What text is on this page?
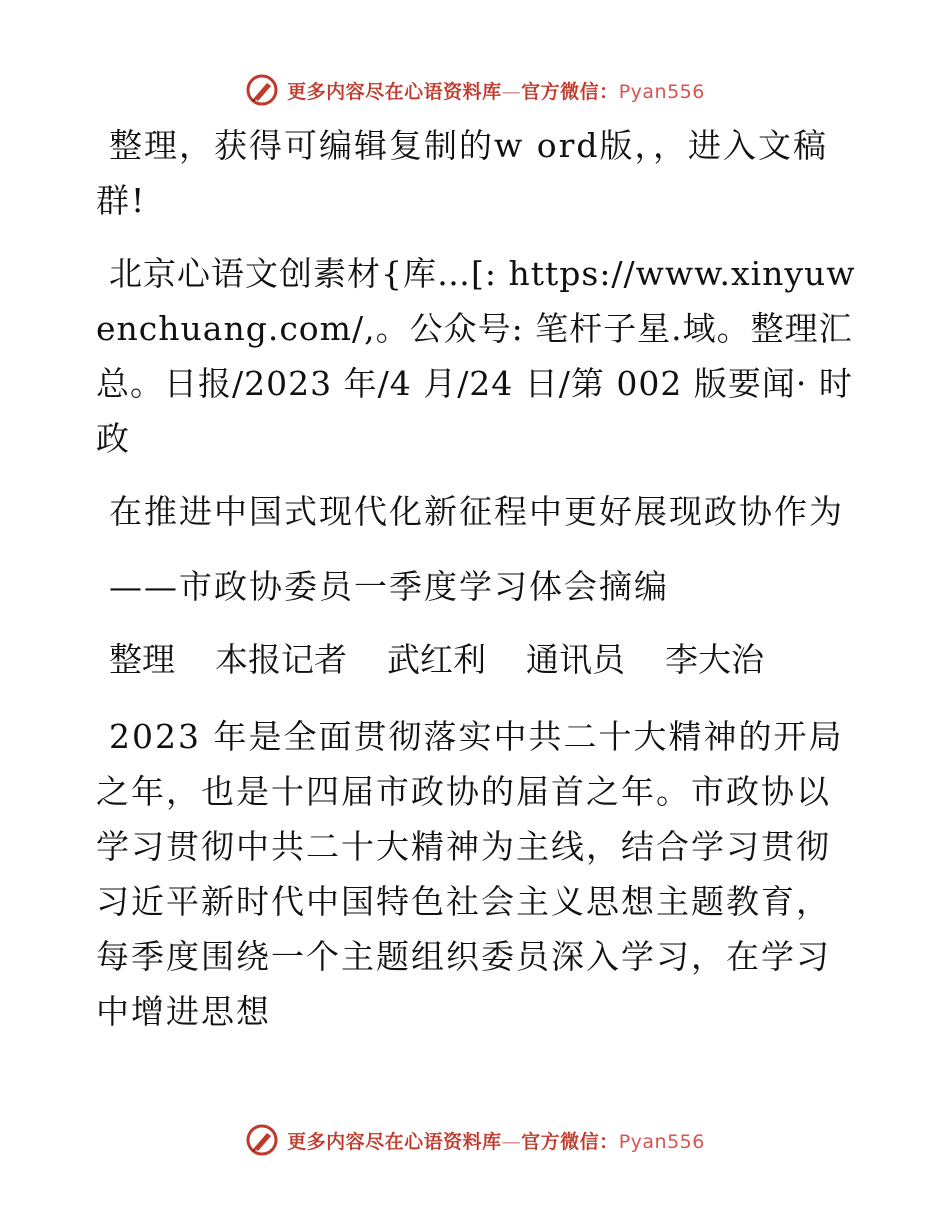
更多内容尽在心语资料库—官方微信：Pyan556

整理，获得可编辑复制的w ord版，，进入文稿群!

北京心语文创素材{库…[: https://www.xinyuwenchuang.com/,。公众号: 笔杆子星.域。整理汇总。日报/2023 年/4 月/24 日/第 002 版要闻· 时政

在推进中国式现代化新征程中更好展现政协作为

——市政协委员一季度学习体会摘编

整理 本报记者 武红利 通讯员 李大治

2023 年是全面贯彻落实中共二十大精神的开局之年，也是十四届市政协的届首之年。市政协以学习贯彻中共二十大精神为主线，结合学习贯彻习近平新时代中国特色社会主义思想主题教育，每季度围绕一个主题组织委员深入学习，在学习中增进思想

更多内容尽在心语资料库—官方微信：Pyan556
